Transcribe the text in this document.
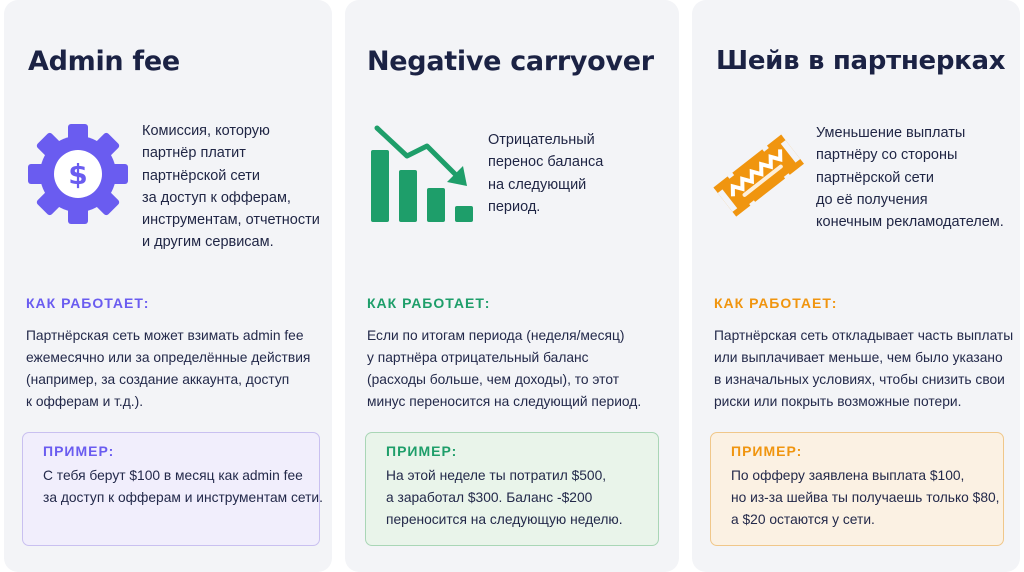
Admin fee
$
Комиссия, которую
партнёр платит
партнёрской сети
за доступ к офферам,
инструментам, отчетности
и другим сервисам.
КАК РАБОТАЕТ:
Партнёрская сеть может взимать admin fee
ежемесячно или за определённые действия
(например, за создание аккаунта, доступ
к офферам и т.д.).
ПРИМЕР:
С тебя берут $100 в месяц как admin fee
за доступ к офферам и инструментам сети.
Negative carryover
Отрицательный
перенос баланса
на следующий
период.
КАК РАБОТАЕТ:
Если по итогам периода (неделя/месяц)
у партнёра отрицательный баланс
(расходы больше, чем доходы), то этот
минус переносится на следующий период.
ПРИМЕР:
На этой неделе ты потратил $500,
а заработал $300. Баланс -$200
переносится на следующую неделю.
Шейв в партнерках
Уменьшение выплаты
партнёру со стороны
партнёрской сети
до её получения
конечным рекламодателем.
КАК РАБОТАЕТ:
Партнёрская сеть откладывает часть выплаты
или выплачивает меньше, чем было указано
в изначальных условиях, чтобы снизить свои
риски или покрыть возможные потери.
ПРИМЕР:
По офферу заявлена выплата $100,
но из-за шейва ты получаешь только $80,
а $20 остаются у сети.
